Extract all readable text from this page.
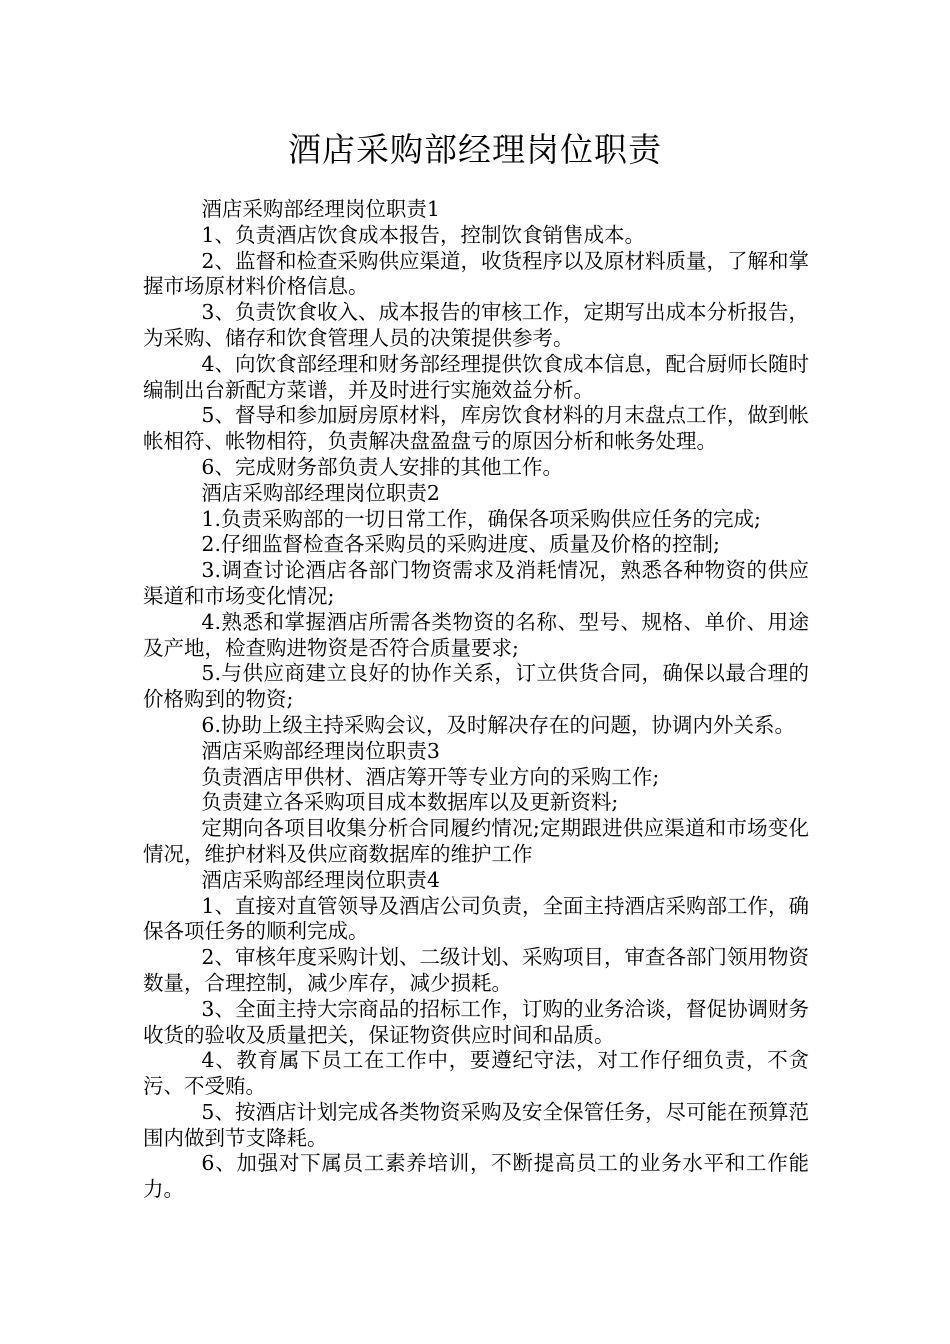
酒店采购部经理岗位职责

酒店采购部经理岗位职责1

1、负责酒店饮食成本报告，控制饮食销售成本。

2、监督和检查采购供应渠道，收货程序以及原材料质量，了解和掌握市场原材料价格信息。

3、负责饮食收入、成本报告的审核工作，定期写出成本分析报告，为采购、储存和饮食管理人员的决策提供参考。

4、向饮食部经理和财务部经理提供饮食成本信息，配合厨师长随时编制出台新配方菜谱，并及时进行实施效益分析。

5、督导和参加厨房原材料，库房饮食材料的月末盘点工作，做到帐帐相符、帐物相符，负责解决盘盈盘亏的原因分析和帐务处理。

6、完成财务部负责人安排的其他工作。

酒店采购部经理岗位职责2

1.负责采购部的一切日常工作，确保各项采购供应任务的完成;

2.仔细监督检查各采购员的采购进度、质量及价格的控制;

3.调查讨论酒店各部门物资需求及消耗情况，熟悉各种物资的供应渠道和市场变化情况;

4.熟悉和掌握酒店所需各类物资的名称、型号、规格、单价、用途及产地，检查购进物资是否符合质量要求;

5.与供应商建立良好的协作关系，订立供货合同，确保以最合理的价格购到的物资;

6.协助上级主持采购会议，及时解决存在的问题，协调内外关系。

酒店采购部经理岗位职责3

负责酒店甲供材、酒店筹开等专业方向的采购工作;

负责建立各采购项目成本数据库以及更新资料;

定期向各项目收集分析合同履约情况;定期跟进供应渠道和市场变化情况，维护材料及供应商数据库的维护工作

酒店采购部经理岗位职责4

1、直接对直管领导及酒店公司负责，全面主持酒店采购部工作，确保各项任务的顺利完成。

2、审核年度采购计划、二级计划、采购项目，审查各部门领用物资数量，合理控制，减少库存，减少损耗。

3、全面主持大宗商品的招标工作，订购的业务洽谈，督促协调财务收货的验收及质量把关，保证物资供应时间和品质。

4、教育属下员工在工作中，要遵纪守法，对工作仔细负责，不贪污、不受贿。

5、按酒店计划完成各类物资采购及安全保管任务，尽可能在预算范围内做到节支降耗。

6、加强对下属员工素养培训，不断提高员工的业务水平和工作能力。
